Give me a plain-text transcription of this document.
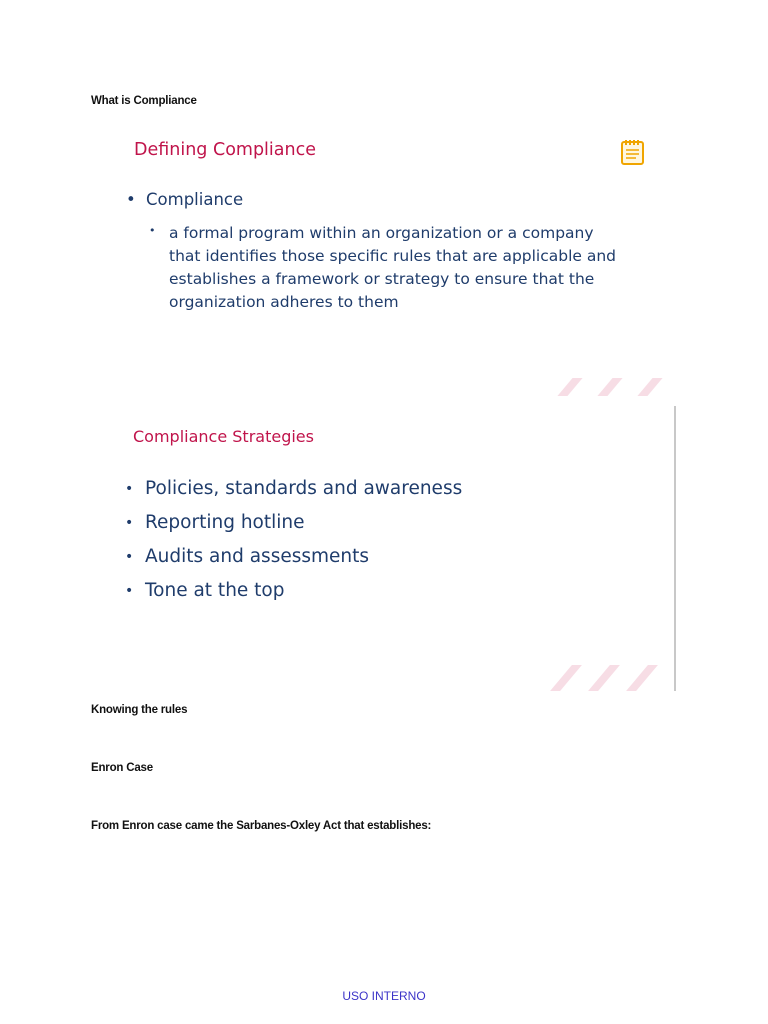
What is Compliance
Defining Compliance
• Compliance
• a formal program within an organization or a company
that identifies those specific rules that are applicable and
establishes a framework or strategy to ensure that the
organization adheres to them
Compliance Strategies
• Policies, standards and awareness
• Reporting hotline
• Audits and assessments
• Tone at the top
Knowing the rules
Enron Case
From Enron case came the Sarbanes-Oxley Act that establishes:
USO INTERNO
